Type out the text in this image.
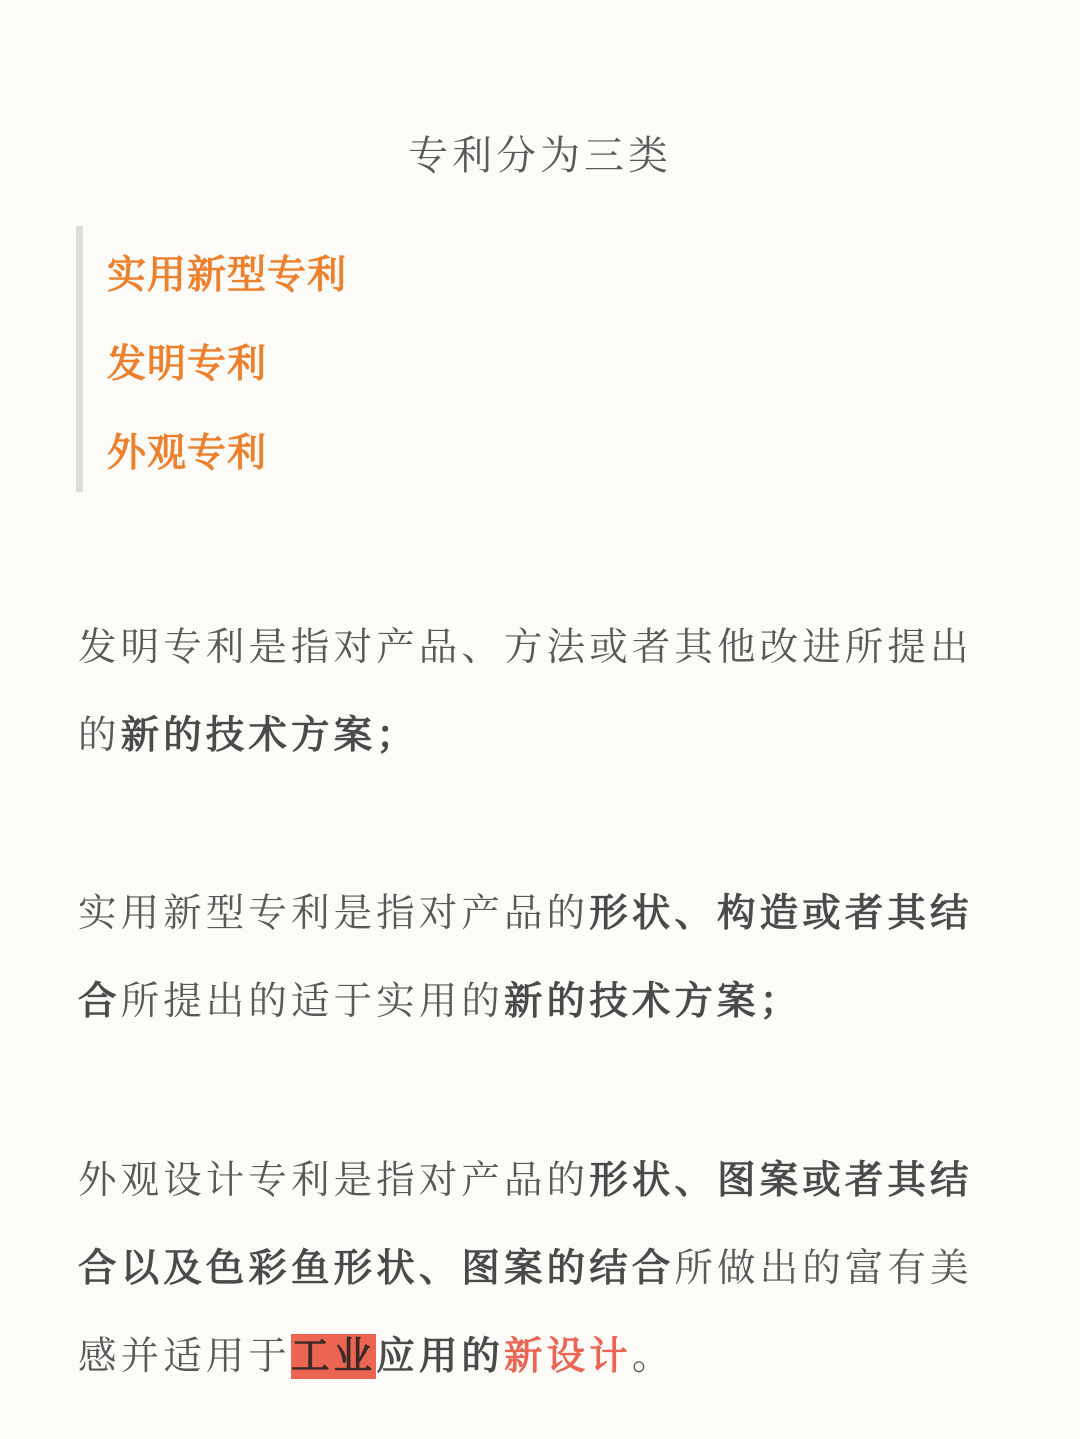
专利分为三类
实用新型专利
发明专利
外观专利
发明专利是指对产品、方法或者其他改进所提出的新的技术方案；
实用新型专利是指对产品的形状、构造或者其结合所提出的适于实用的新的技术方案；
外观设计专利是指对产品的形状、图案或者其结合以及色彩鱼形状、图案的结合所做出的富有美感并适用于工业应用的新设计。
